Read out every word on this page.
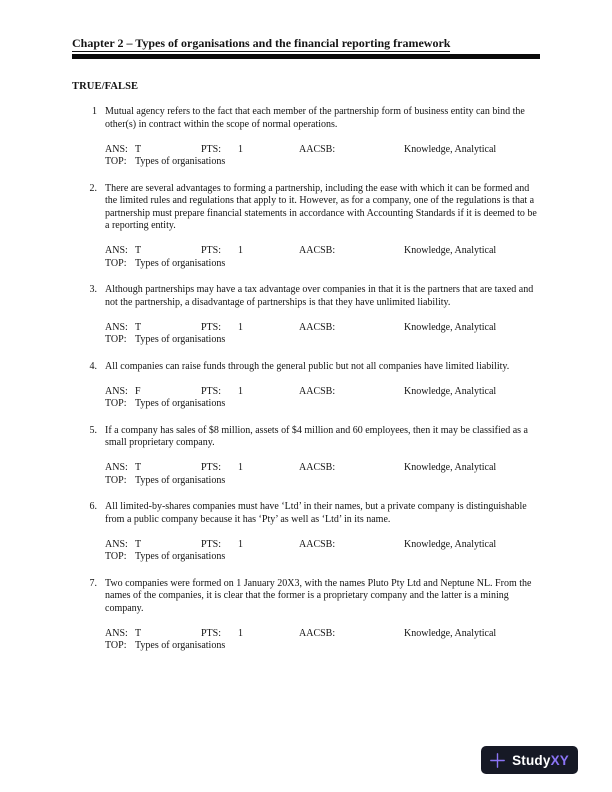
Chapter 2 – Types of organisations and the financial reporting framework
TRUE/FALSE
1 Mutual agency refers to the fact that each member of the partnership form of business entity can bind the other(s) in contract within the scope of normal operations.

ANS: T	PTS:	1	AACSB:	Knowledge, Analytical
TOP: Types of organisations
2. There are several advantages to forming a partnership, including the ease with which it can be formed and the limited rules and regulations that apply to it. However, as for a company, one of the regulations is that a partnership must prepare financial statements in accordance with Accounting Standards if it is deemed to be a reporting entity.

ANS: T	PTS:	1	AACSB:	Knowledge, Analytical
TOP: Types of organisations
3. Although partnerships may have a tax advantage over companies in that it is the partners that are taxed and not the partnership, a disadvantage of partnerships is that they have unlimited liability.

ANS: T	PTS:	1	AACSB:	Knowledge, Analytical
TOP: Types of organisations
4. All companies can raise funds through the general public but not all companies have limited liability.

ANS: F	PTS:	1	AACSB:	Knowledge, Analytical
TOP: Types of organisations
5. If a company has sales of $8 million, assets of $4 million and 60 employees, then it may be classified as a small proprietary company.

ANS: T	PTS:	1	AACSB:	Knowledge, Analytical
TOP: Types of organisations
6. All limited-by-shares companies must have ‘Ltd’ in their names, but a private company is distinguishable from a public company because it has ‘Pty’ as well as ‘Ltd’ in its name.

ANS: T	PTS:	1	AACSB:	Knowledge, Analytical
TOP: Types of organisations
7. Two companies were formed on 1 January 20X3, with the names Pluto Pty Ltd and Neptune NL. From the names of the companies, it is clear that the former is a proprietary company and the latter is a mining company.

ANS: T	PTS:	1	AACSB:	Knowledge, Analytical
TOP: Types of organisations
StudyXY
